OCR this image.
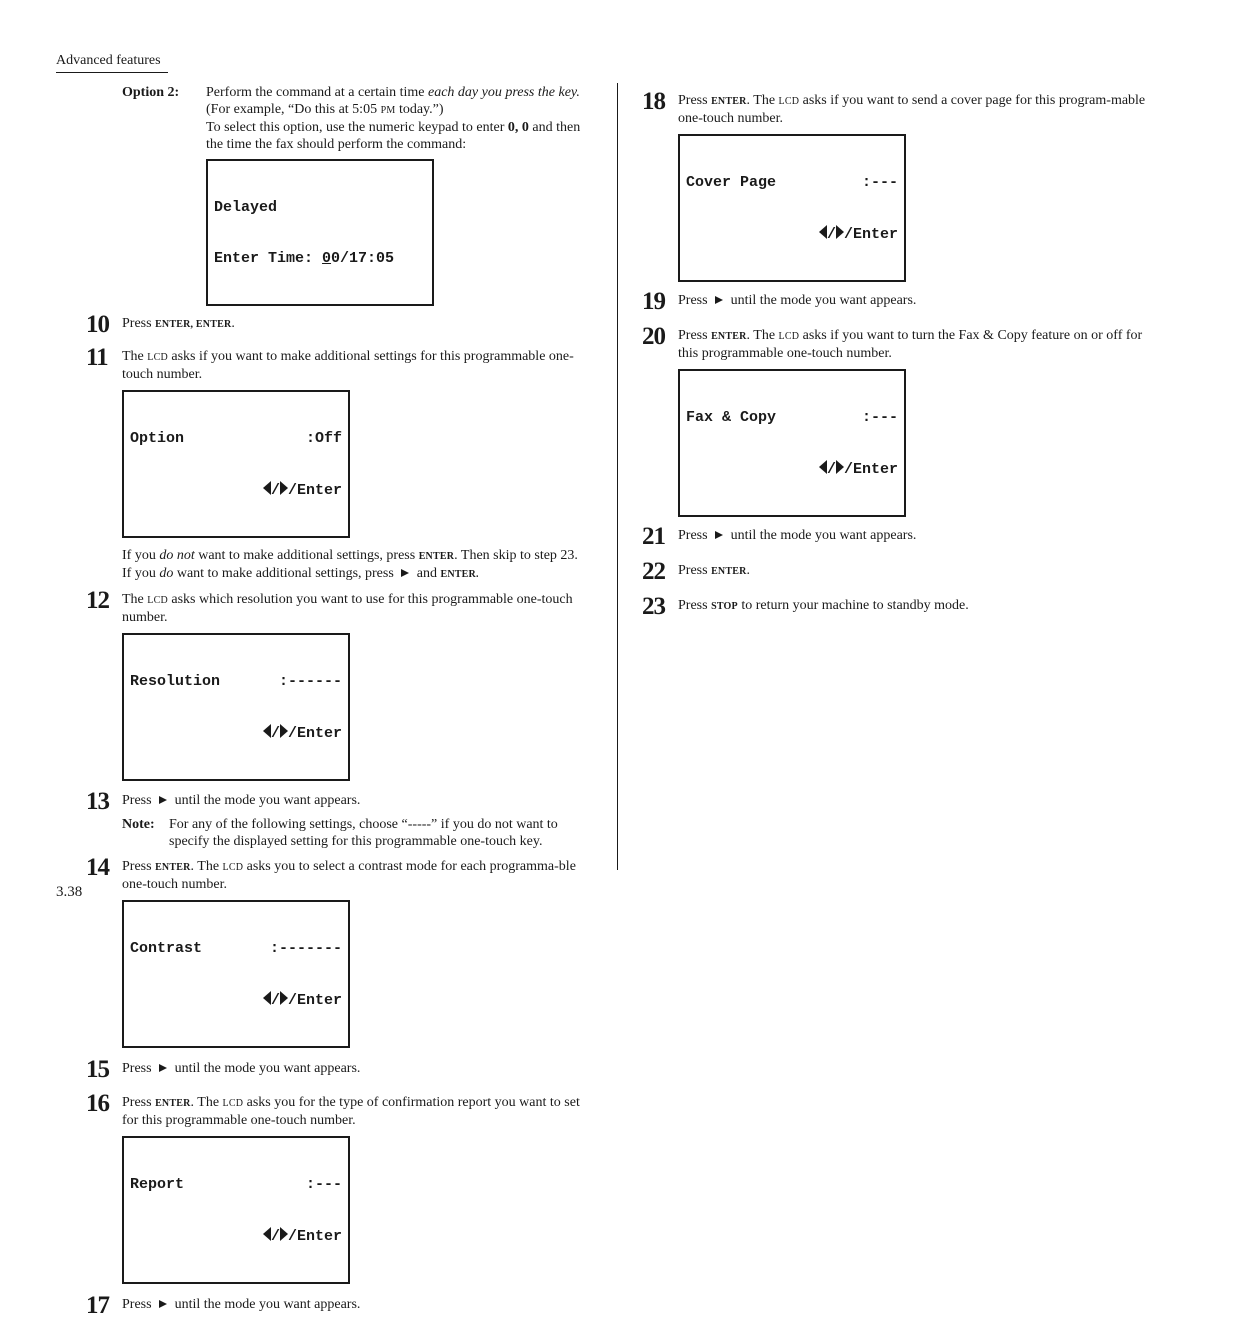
Advanced features
3.38
Option 2:	Perform the command at a certain time each day you press the key. (For example, “Do this at 5:05 PM today.”)

To select this option, use the numeric keypad to enter 0, 0 and then the time the fax should perform the command:

Delayed

Enter Time: 00/17:05

10 Press ENTER, ENTER.

11 The LCD asks if you want to make additional settings for this programmable one-touch number.

Option	:Off

/ /Enter

If you do not want to make additional settings, press ENTER. Then skip to step 23.

If you do want to make additional settings, press  and ENTER.

12 The LCD asks which resolution you want to use for this programmable one-touch number.

Resolution	:------

/ /Enter

13 Press  until the mode you want appears.

Note:	For any of the following settings, choose “-----” if you do not want to specify the displayed setting for this programmable one-touch key.
14 Press ENTER. The LCD asks you to select a contrast mode for each programma-ble one-touch number.

Contrast	:-------

/ /Enter

15 Press  until the mode you want appears.

16 Press ENTER. The LCD asks you for the type of confirmation report you want to set for this programmable one-touch number.

Report	:---

/ /Enter

17 Press  until the mode you want appears.

18 Press ENTER. The LCD asks if you want to send a cover page for this program-mable one-touch number.

Cover Page	:---

/ /Enter

19 Press  until the mode you want appears.

20 Press ENTER. The LCD asks if you want to turn the Fax & Copy feature on or off for this programmable one-touch number.

Fax & Copy	:---

/ /Enter

21 Press  until the mode you want appears.

22 Press ENTER.

23 Press STOP to return your machine to standby mode.
